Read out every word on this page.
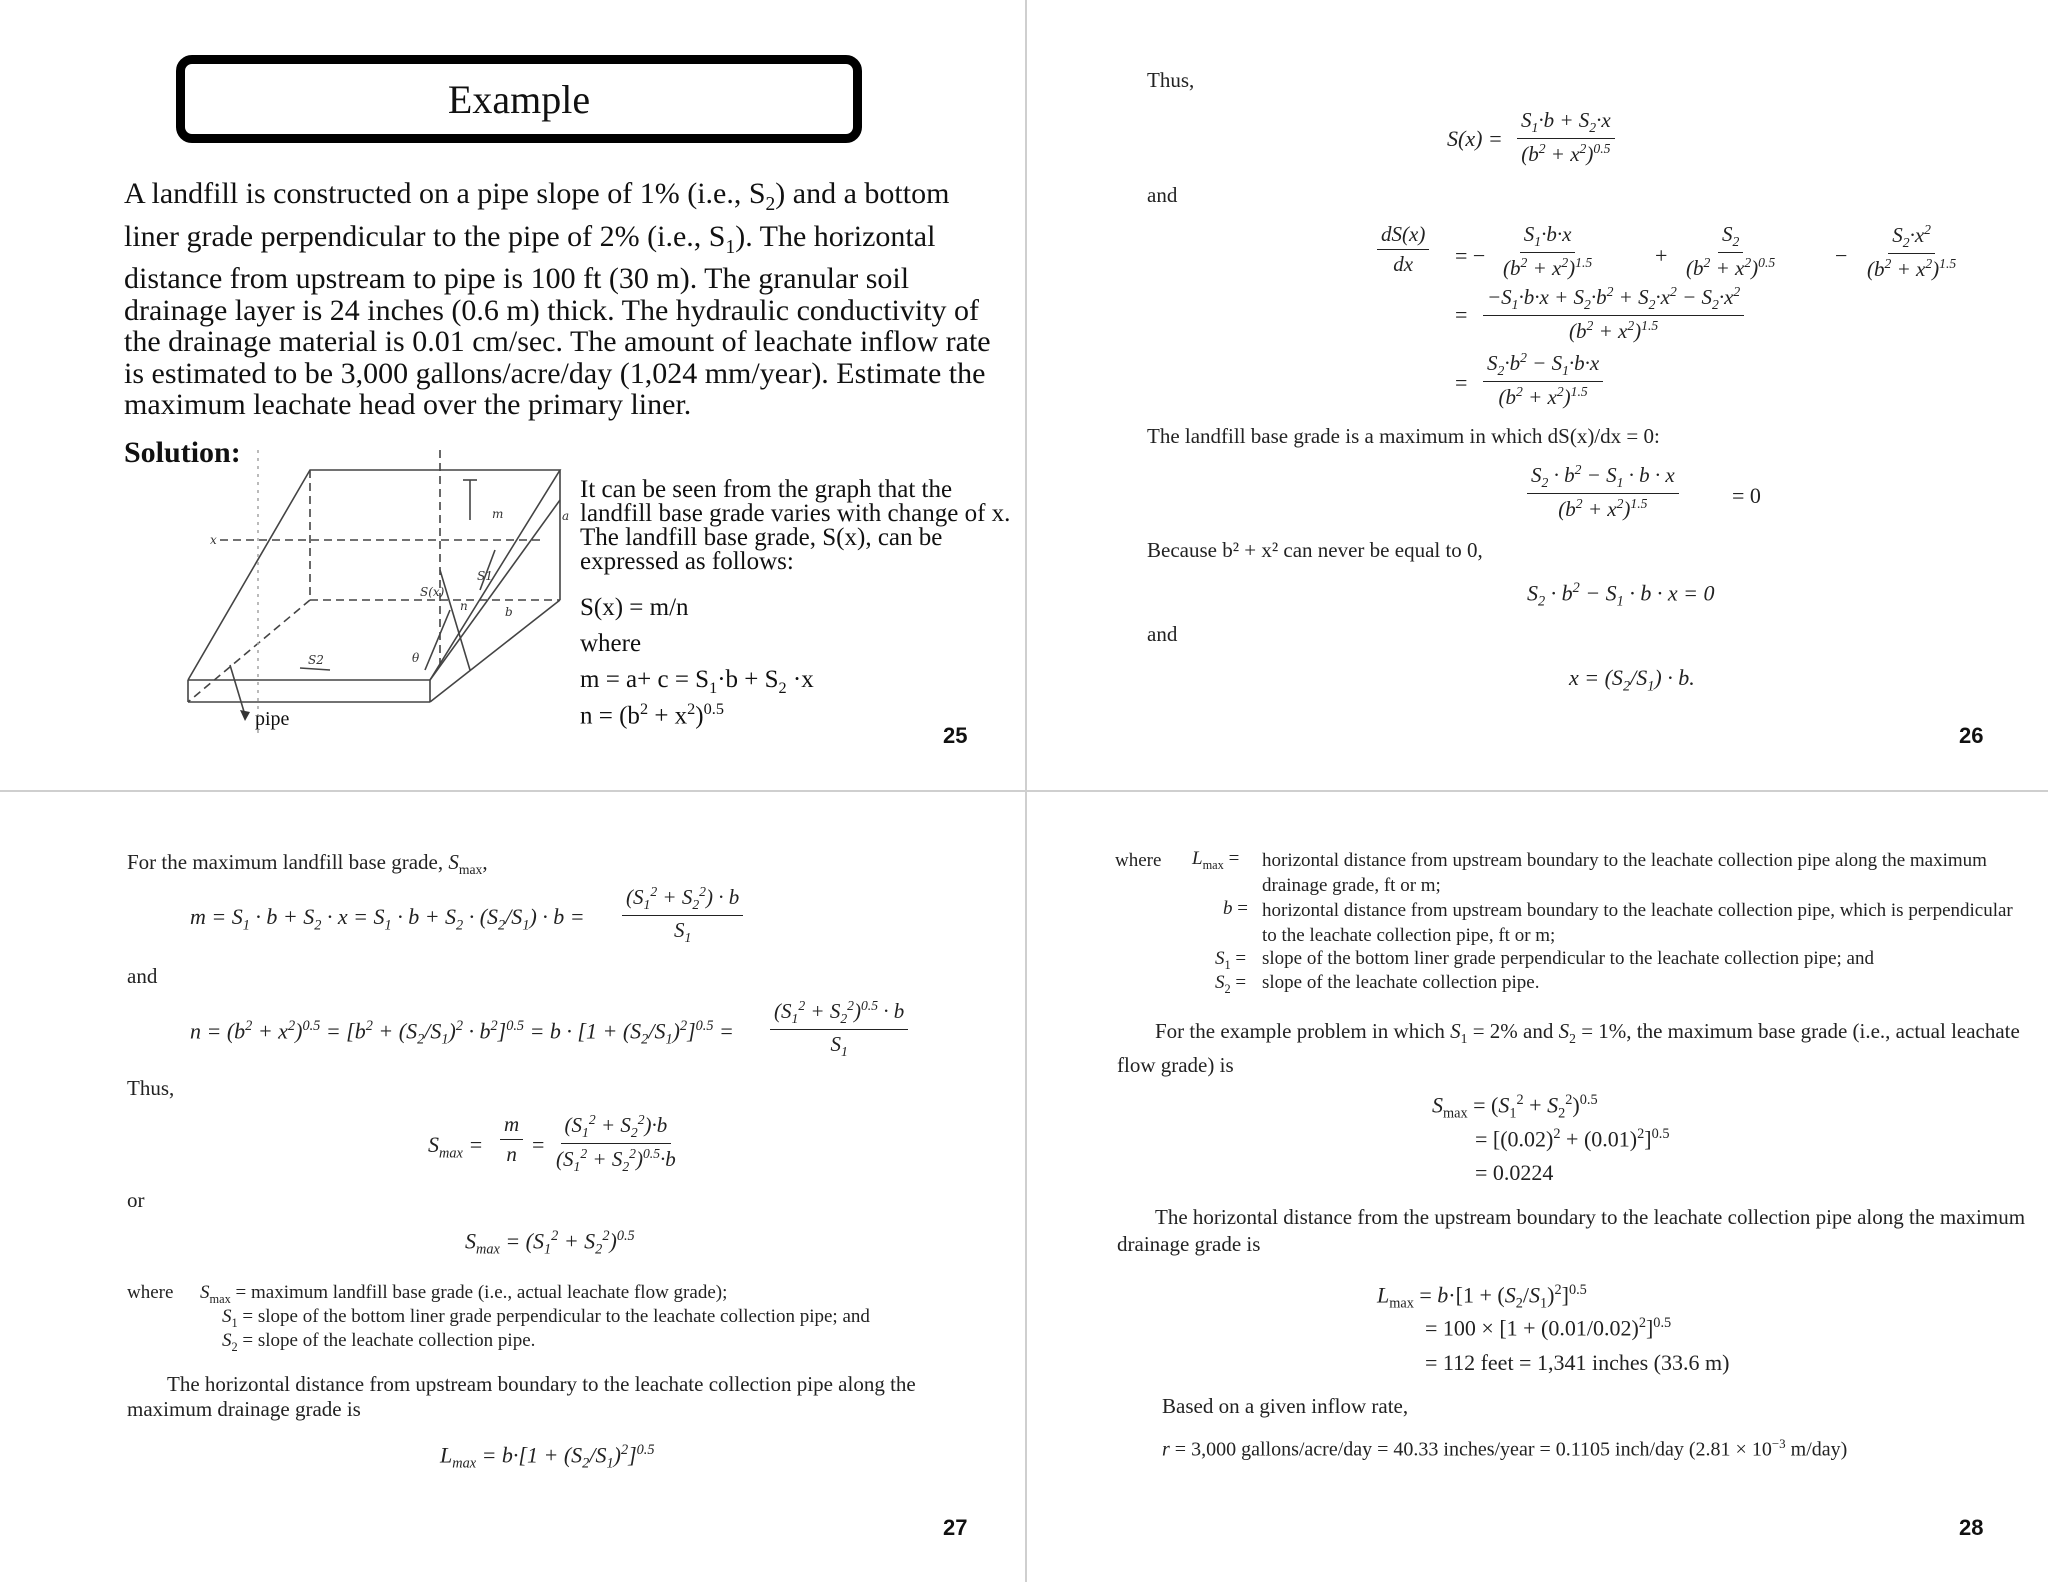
Example
A landfill is constructed on a pipe slope of 1% (i.e., $S_2$) and a bottom liner grade perpendicular to the pipe of 2% (i.e., $S_1$). The horizontal distance from upstream to pipe is 100 ft (30 m). The granular soil drainage layer is 24 inches (0.6 m) thick. The hydraulic conductivity of the drainage material is 0.01 cm/sec. The amount of leachate inflow rate is estimated to be 3,000 gallons/acre/day (1,024 mm/year). Estimate the maximum leachate head over the primary liner.
Solution:
m	a
x
S(x)
S1
n	b
S2	θ
pipe
It can be seen from the graph that the landfill base grade varies with change of x. The landfill base grade, S(x), can be expressed as follows:
S(x) = m/n
where
$m = a+ c = S_1\cdot b + S_2 \cdot x$
$n = (b^2 + x^2)^{0.5}$
25
Thus,
$S(x) = \frac{S_1\cdot b + S_2\cdot x}{(b^2 + x^2)^{0.5}}$
and
$\frac{dS(x)}{dx}$ = − $\frac{S_1\cdot b\cdot x}{(b^2 + x^2)^{1.5}}$	+ $\frac{S_2}{(b^2 + x^2)^{0.5}}$	− $\frac{S_2\cdot x^2}{(b^2 + x^2)^{1.5}}$
= $\frac{-S_1\cdot b\cdot x + S_2\cdot b^2 + S_2\cdot x^2 - S_2\cdot x^2}{(b^2 + x^2)^{1.5}}$
= $\frac{S_2\cdot b^2 - S_1\cdot b\cdot x}{(b^2 + x^2)^{1.5}}$
The landfill base grade is a maximum in which dS(x)/dx = 0:
$\frac{S_2 \cdot b^2 - S_1 \cdot b \cdot x}{(b^2 + x^2)^{1.5}} = 0$
Because b² + x² can never be equal to 0,
$S_2 \cdot b^2 - S_1 \cdot b \cdot x = 0$
and
$x = (S_2/S_1) \cdot b$.
26
For the maximum landfill base grade, $S_{max}$,
$m = S_1 \cdot b + S_2 \cdot x = S_1 \cdot b + S_2 \cdot (S_2/S_1) \cdot b = \frac{(S_1^2 + S_2^2) \cdot b}{S_1}$
and
$n = (b^2 + x^2)^{0.5} = [b^2 + (S_2/S_1)^2 \cdot b^2]^{0.5} = b \cdot [1 + (S_2/S_1)^2]^{0.5} = \frac{(S_1^2 + S_2^2)^{0.5} \cdot b}{S_1}$
Thus,
$S_{max} = \frac{m}{n} = \frac{(S_1^2 + S_2^2)\cdot b}{(S_1^2 + S_2^2)^{0.5}\cdot b}$
or
$S_{max} = (S_1^2 + S_2^2)^{0.5}$
where $S_{max}$ = maximum landfill base grade (i.e., actual leachate flow grade);
$S_1$ = slope of the bottom liner grade perpendicular to the leachate collection pipe; and
$S_2$ = slope of the leachate collection pipe.
The horizontal distance from upstream boundary to the leachate collection pipe along the maximum drainage grade is
$L_{max} = b\cdot[1 + (S_2/S_1)^2]^{0.5}$
27
where $L_{max}$ = horizontal distance from upstream boundary to the leachate collection pipe along the maximum drainage grade, ft or m;
b = horizontal distance from upstream boundary to the leachate collection pipe, which is perpendicular to the leachate collection pipe, ft or m;
$S_1$ = slope of the bottom liner grade perpendicular to the leachate collection pipe; and
$S_2$ = slope of the leachate collection pipe.
For the example problem in which $S_1 = 2\%$ and $S_2 = 1\%$, the maximum base grade (i.e., actual leachate flow grade) is
$S_{max} = (S_1^2 + S_2^2)^{0.5}$
= $[(0.02)^2 + (0.01)^2]^{0.5}$
= 0.0224
The horizontal distance from the upstream boundary to the leachate collection pipe along the maximum drainage grade is
$L_{max} = b\cdot[1 + (S_2/S_1)^2]^{0.5}$
= $100 \times [1 + (0.01/0.02)^2]^{0.5}$
= 112 feet = 1,341 inches (33.6 m)
Based on a given inflow rate,
r = 3,000 gallons/acre/day = 40.33 inches/year = 0.1105 inch/day ($2.81 \times 10^{-3}$ m/day)
28
